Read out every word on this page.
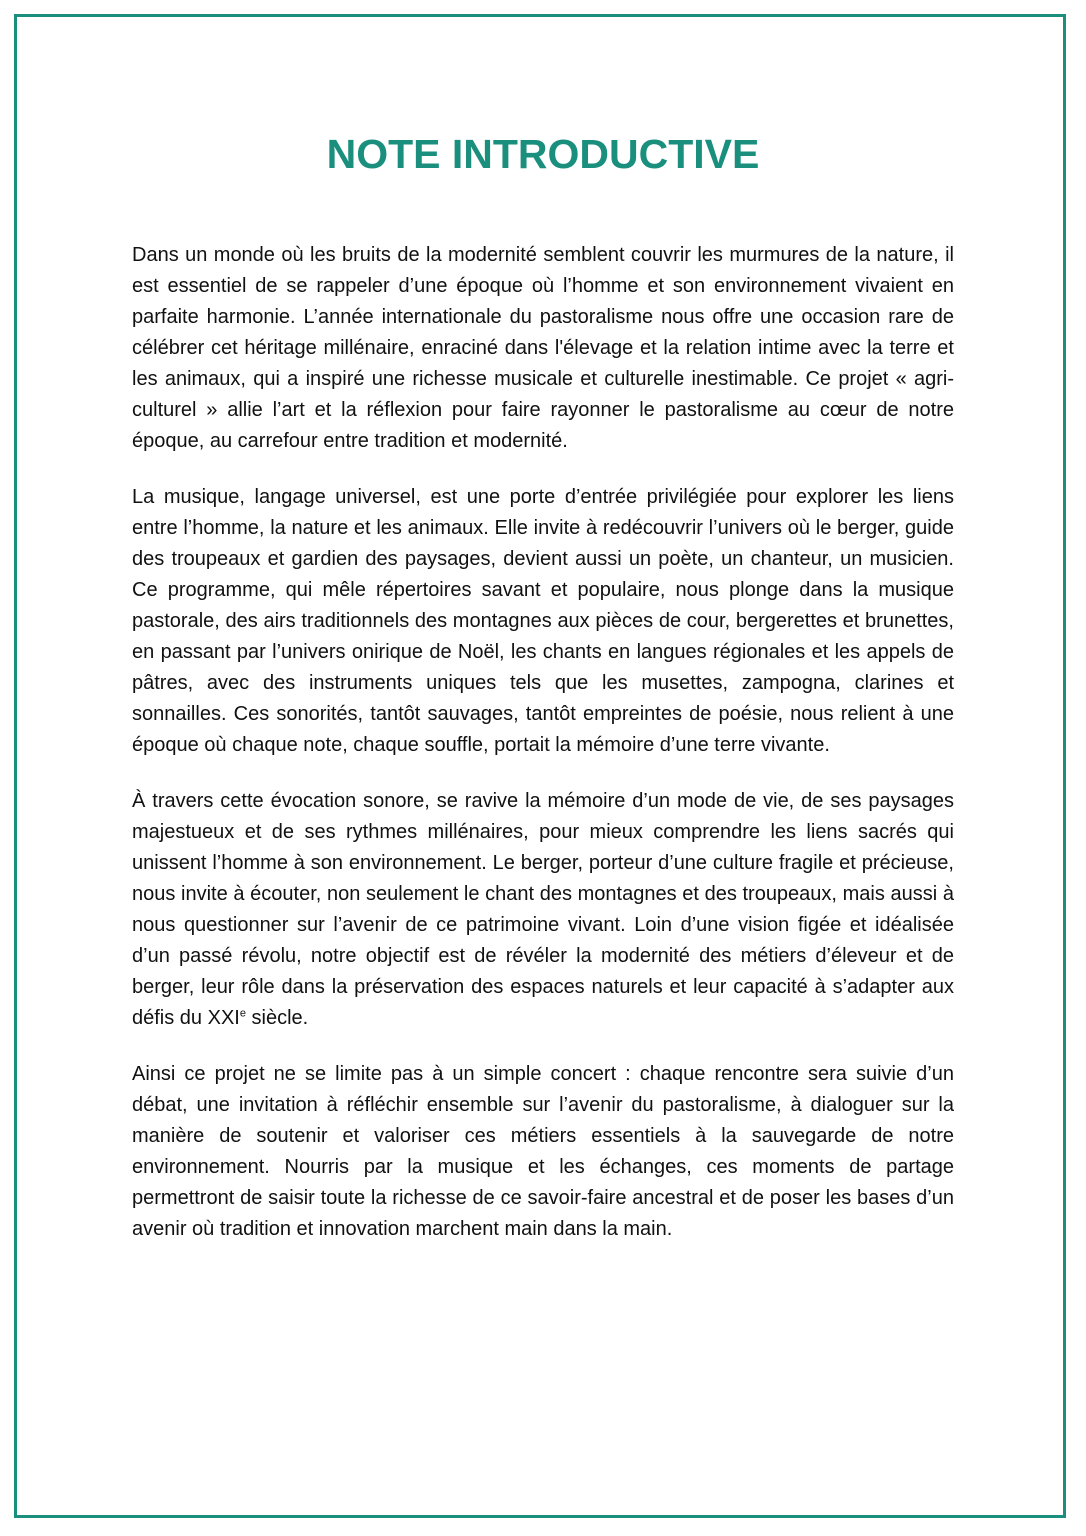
NOTE INTRODUCTIVE

Dans un monde où les bruits de la modernité semblent couvrir les murmures de la nature, il est essentiel de se rappeler d’une époque où l’homme et son environnement vivaient en parfaite harmonie. L’année internationale du pastoralisme nous offre une occasion rare de célébrer cet héritage millénaire, enraciné dans l'élevage et la relation intime avec la terre et les animaux, qui a inspiré une richesse musicale et culturelle inestimable. Ce projet « agri-culturel » allie l’art et la réflexion pour faire rayonner le pastoralisme au cœur de notre époque, au carrefour entre tradition et modernité.

La musique, langage universel, est une porte d’entrée privilégiée pour explorer les liens entre l’homme, la nature et les animaux. Elle invite à redécouvrir l’univers où le berger, guide des troupeaux et gardien des paysages, devient aussi un poète, un chanteur, un musicien. Ce programme, qui mêle répertoires savant et populaire, nous plonge dans la musique pastorale, des airs traditionnels des montagnes aux pièces de cour, bergerettes et brunettes, en passant par l’univers onirique de Noël, les chants en langues régionales et les appels de pâtres, avec des instruments uniques tels que les musettes, zampogna, clarines et sonnailles. Ces sonorités, tantôt sauvages, tantôt empreintes de poésie, nous relient à une époque où chaque note, chaque souffle, portait la mémoire d’une terre vivante.

À travers cette évocation sonore, se ravive la mémoire d’un mode de vie, de ses paysages majestueux et de ses rythmes millénaires, pour mieux comprendre les liens sacrés qui unissent l’homme à son environnement. Le berger, porteur d’une culture fragile et précieuse, nous invite à écouter, non seulement le chant des montagnes et des troupeaux, mais aussi à nous questionner sur l’avenir de ce patrimoine vivant. Loin d’une vision figée et idéalisée d’un passé révolu, notre objectif est de révéler la modernité des métiers d’éleveur et de berger, leur rôle dans la préservation des espaces naturels et leur capacité à s’adapter aux défis du XXIe siècle.

Ainsi ce projet ne se limite pas à un simple concert : chaque rencontre sera suivie d’un débat, une invitation à réfléchir ensemble sur l’avenir du pastoralisme, à dialoguer sur la manière de soutenir et valoriser ces métiers essentiels à la sauvegarde de notre environnement. Nourris par la musique et les échanges, ces moments de partage permettront de saisir toute la richesse de ce savoir-faire ancestral et de poser les bases d’un avenir où tradition et innovation marchent main dans la main.
